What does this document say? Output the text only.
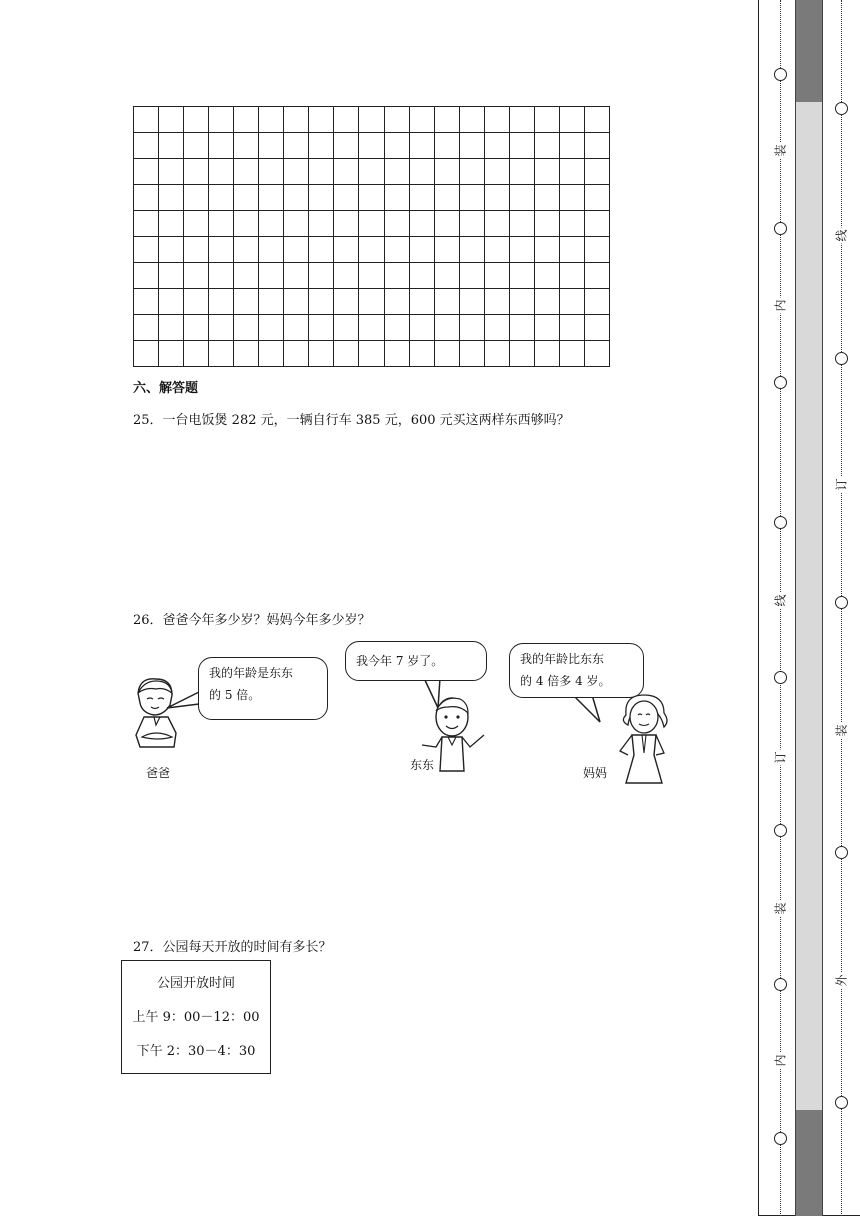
六、解答题
25．一台电饭煲 282 元，一辆自行车 385 元，600 元买这两样东西够吗？
26．爸爸今年多少岁？妈妈今年多少岁？
我的年龄是东东
的 5 倍。
爸爸
我今年 7 岁了。
东东
我的年龄比东东
的 4 倍多 4 岁。
妈妈
27．公园每天开放的时间有多长？
公园开放时间
上午 9：00－12：00
下午 2：30－4：30
装
内
线
订
装
内
线
订
装
外
